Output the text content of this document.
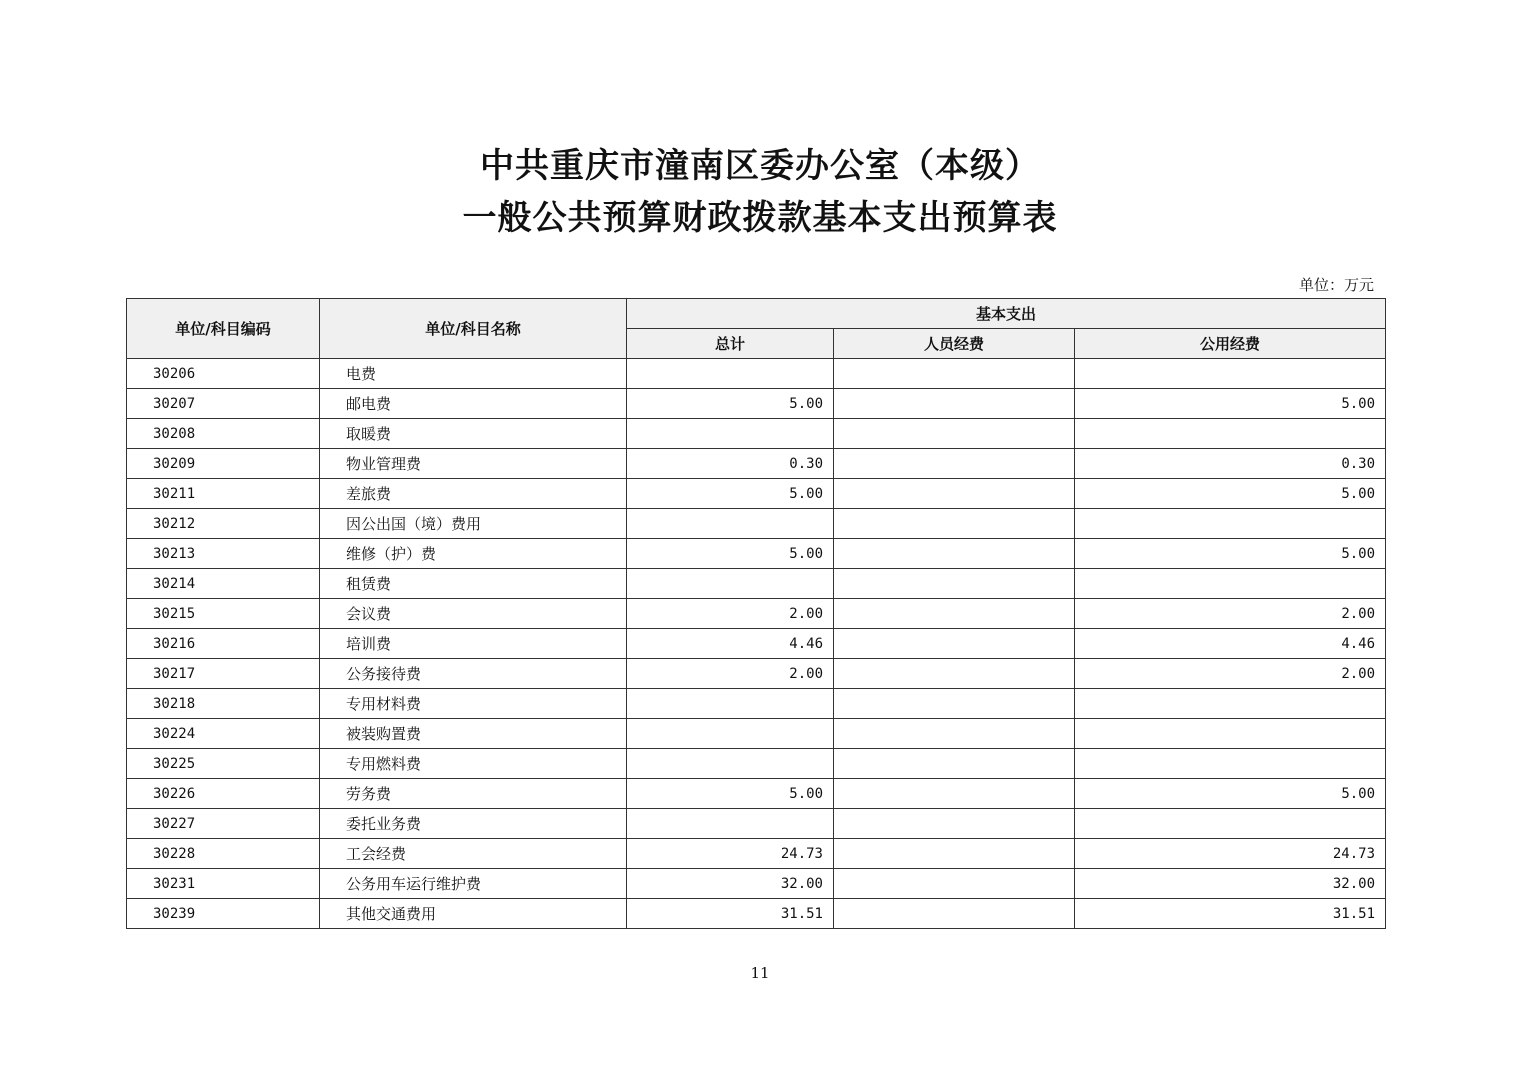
中共重庆市潼南区委办公室（本级）
一般公共预算财政拨款基本支出预算表
单位：万元
单位/科目编码	单位/科目名称	基本支出		
		总计	人员经费	公用经费
30206	电费			
30207	邮电费	5.00		5.00
30208	取暖费			
30209	物业管理费	0.30		0.30
30211	差旅费	5.00		5.00
30212	因公出国（境）费用			
30213	维修（护）费	5.00		5.00
30214	租赁费			
30215	会议费	2.00		2.00
30216	培训费	4.46		4.46
30217	公务接待费	2.00		2.00
30218	专用材料费			
30224	被装购置费			
30225	专用燃料费			
30226	劳务费	5.00		5.00
30227	委托业务费			
30228	工会经费	24.73		24.73
30231	公务用车运行维护费	32.00		32.00
30239	其他交通费用	31.51		31.51
11
